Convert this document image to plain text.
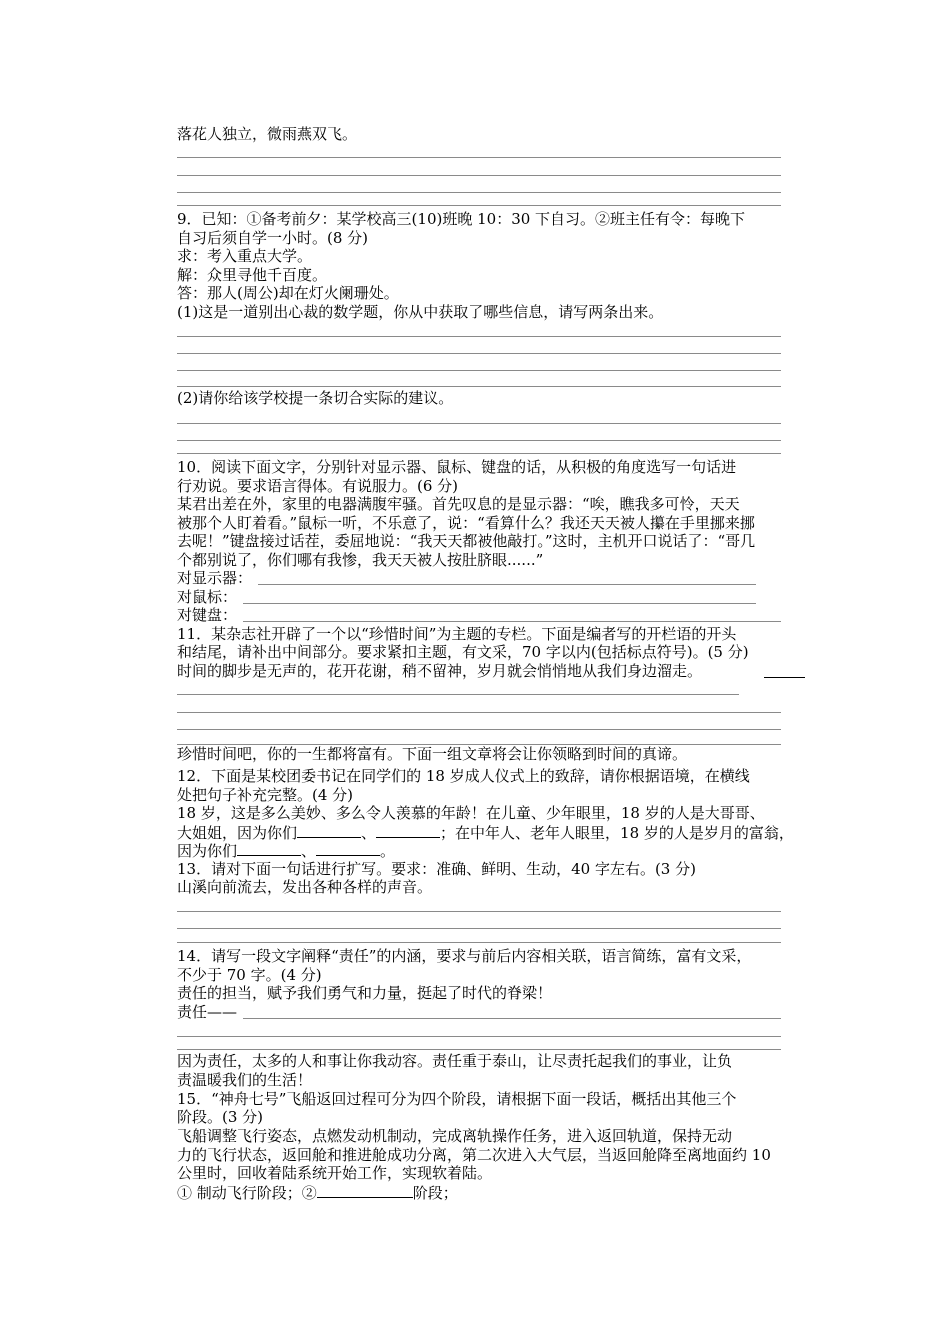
落花人独立，微雨燕双飞。
9．已知：①备考前夕：某学校高三(10)班晚 10：30 下自习。②班主任有令：每晚下
自习后须自学一小时。(8 分)
求：考入重点大学。
解：众里寻他千百度。
答：那人(周公)却在灯火阑珊处。
(1)这是一道别出心裁的数学题，你从中获取了哪些信息，请写两条出来。
(2)请你给该学校提一条切合实际的建议。
10．阅读下面文字，分别针对显示器、鼠标、键盘的话，从积极的角度选写一句话进
行劝说。要求语言得体。有说服力。(6 分)
某君出差在外，家里的电器满腹牢骚。首先叹息的是显示器：“唉，瞧我多可怜，天天
被那个人盯着看。”鼠标一听，不乐意了，说：“看算什么？我还天天被人攥在手里挪来挪
去呢！”键盘接过话茬，委屈地说：“我天天都被他敲打。”这时，主机开口说话了：“哥几
个都别说了，你们哪有我惨，我天天被人按肚脐眼......”
对显示器：
对鼠标：
对键盘：
11．某杂志社开辟了一个以“珍惜时间”为主题的专栏。下面是编者写的开栏语的开头
和结尾，请补出中间部分。要求紧扣主题，有文采，70 字以内(包括标点符号)。(5 分)
时间的脚步是无声的，花开花谢，稍不留神，岁月就会悄悄地从我们身边溜走。
珍惜时间吧，你的一生都将富有。下面一组文章将会让你领略到时间的真谛。
12．下面是某校团委书记在同学们的 18 岁成人仪式上的致辞，请你根据语境，在横线
处把句子补充完整。(4 分)
18 岁，这是多么美妙、多么令人羡慕的年龄！在儿童、少年眼里，18 岁的人是大哥哥、
大姐姐，因为你们	、	；在中年人、老年人眼里，18 岁的人是岁月的富翁，
因为你们	、	。
13．请对下面一句话进行扩写。要求：准确、鲜明、生动，40 字左右。(3 分)
山溪向前流去，发出各种各样的声音。
14．请写一段文字阐释“责任”的内涵，要求与前后内容相关联，语言简练，富有文采，
不少于 70 字。(4 分)
责任的担当，赋予我们勇气和力量，挺起了时代的脊梁！
责任——
因为责任，太多的人和事让你我动容。责任重于泰山，让尽责托起我们的事业，让负
责温暖我们的生活！
15．“神舟七号”飞船返回过程可分为四个阶段，请根据下面一段话，概括出其他三个
阶段。(3 分)
飞船调整飞行姿态，点燃发动机制动，完成离轨操作任务，进入返回轨道，保持无动
力的飞行状态，返回舱和推进舱成功分离，第二次进入大气层，当返回舱降至离地面约 10
公里时，回收着陆系统开始工作，实现软着陆。
① 制动飞行阶段；②	阶段；
